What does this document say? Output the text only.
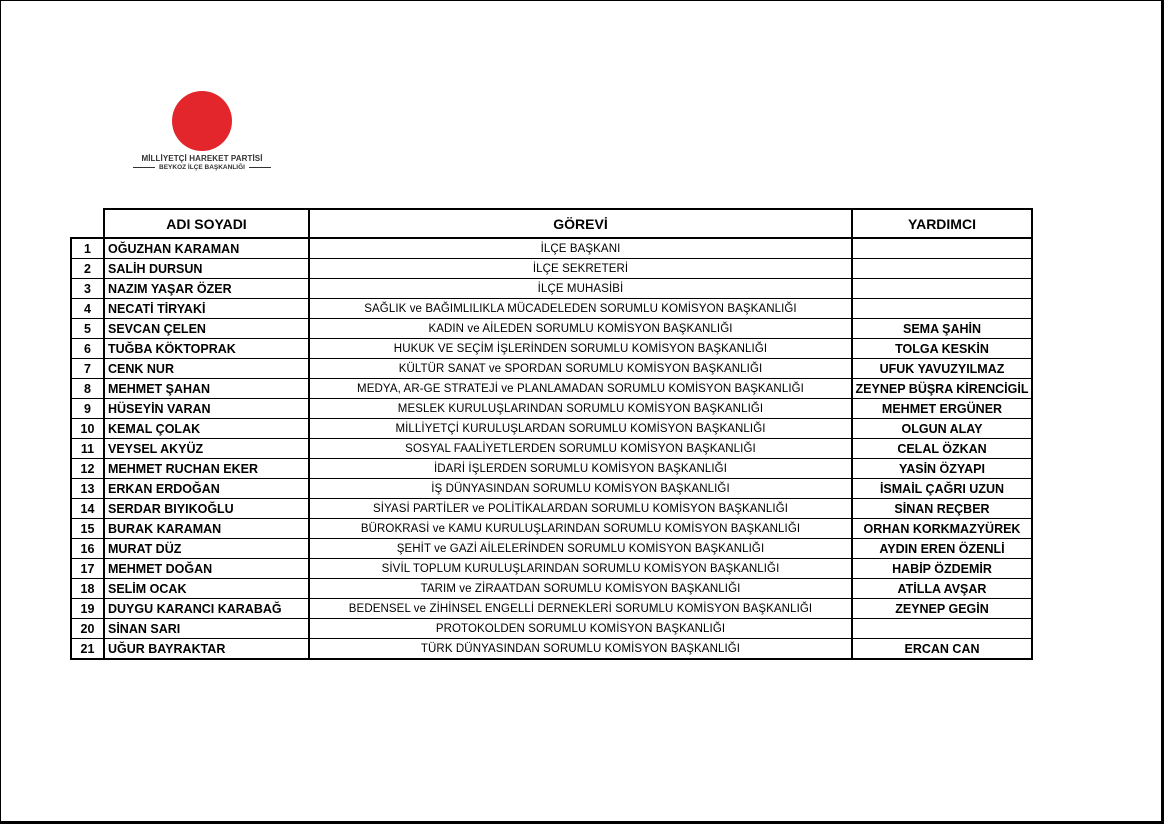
MİLLİYETÇİ HAREKET PARTİSİ
BEYKOZ İLÇE BAŞKANLIĞI
	ADI SOYADI	GÖREVİ	YARDIMCI
1	OĞUZHAN KARAMAN	İLÇE BAŞKANI	
2	SALİH DURSUN	İLÇE SEKRETERİ	
3	NAZIM YAŞAR ÖZER	İLÇE MUHASİBİ	
4	NECATİ TİRYAKİ	SAĞLIK ve BAĞIMLILIKLA MÜCADELEDEN SORUMLU KOMİSYON BAŞKANLIĞI	
5	SEVCAN ÇELEN	KADIN ve AİLEDEN SORUMLU KOMİSYON BAŞKANLIĞI	SEMA ŞAHİN
6	TUĞBA KÖKTOPRAK	HUKUK VE SEÇİM İŞLERİNDEN SORUMLU KOMİSYON BAŞKANLIĞI	TOLGA KESKİN
7	CENK NUR	KÜLTÜR SANAT ve SPORDAN SORUMLU KOMİSYON BAŞKANLIĞI	UFUK YAVUZYILMAZ
8	MEHMET ŞAHAN	MEDYA, AR-GE STRATEJİ ve PLANLAMADAN SORUMLU KOMİSYON BAŞKANLIĞI	ZEYNEP BÜŞRA KİRENCİGİL
9	HÜSEYİN VARAN	MESLEK KURULUŞLARINDAN SORUMLU KOMİSYON BAŞKANLIĞI	MEHMET ERGÜNER
10	KEMAL ÇOLAK	MİLLİYETÇİ KURULUŞLARDAN SORUMLU KOMİSYON BAŞKANLIĞI	OLGUN ALAY
11	VEYSEL AKYÜZ	SOSYAL FAALİYETLERDEN SORUMLU KOMİSYON BAŞKANLIĞI	CELAL ÖZKAN
12	MEHMET RUCHAN EKER	İDARİ İŞLERDEN SORUMLU KOMİSYON BAŞKANLIĞI	YASİN ÖZYAPI
13	ERKAN ERDOĞAN	İŞ DÜNYASINDAN SORUMLU KOMİSYON BAŞKANLIĞI	İSMAİL ÇAĞRI UZUN
14	SERDAR BIYIKOĞLU	SİYASİ PARTİLER ve POLİTİKALARDAN SORUMLU KOMİSYON BAŞKANLIĞI	SİNAN REÇBER
15	BURAK KARAMAN	BÜROKRASİ ve KAMU KURULUŞLARINDAN SORUMLU KOMİSYON BAŞKANLIĞI	ORHAN KORKMAZYÜREK
16	MURAT DÜZ	ŞEHİT ve GAZİ AİLELERİNDEN SORUMLU KOMİSYON BAŞKANLIĞI	AYDIN EREN ÖZENLİ
17	MEHMET DOĞAN	SİVİL TOPLUM KURULUŞLARINDAN SORUMLU KOMİSYON BAŞKANLIĞI	HABİP ÖZDEMİR
18	SELİM OCAK	TARIM ve ZİRAATDAN SORUMLU KOMİSYON BAŞKANLIĞI	ATİLLA AVŞAR
19	DUYGU KARANCI KARABAĞ	BEDENSEL ve ZİHİNSEL ENGELLİ DERNEKLERİ SORUMLU KOMİSYON BAŞKANLIĞI	ZEYNEP GEGİN
20	SİNAN SARI	PROTOKOLDEN SORUMLU KOMİSYON BAŞKANLIĞI	
21	UĞUR BAYRAKTAR	TÜRK DÜNYASINDAN SORUMLU KOMİSYON BAŞKANLIĞI	ERCAN CAN
